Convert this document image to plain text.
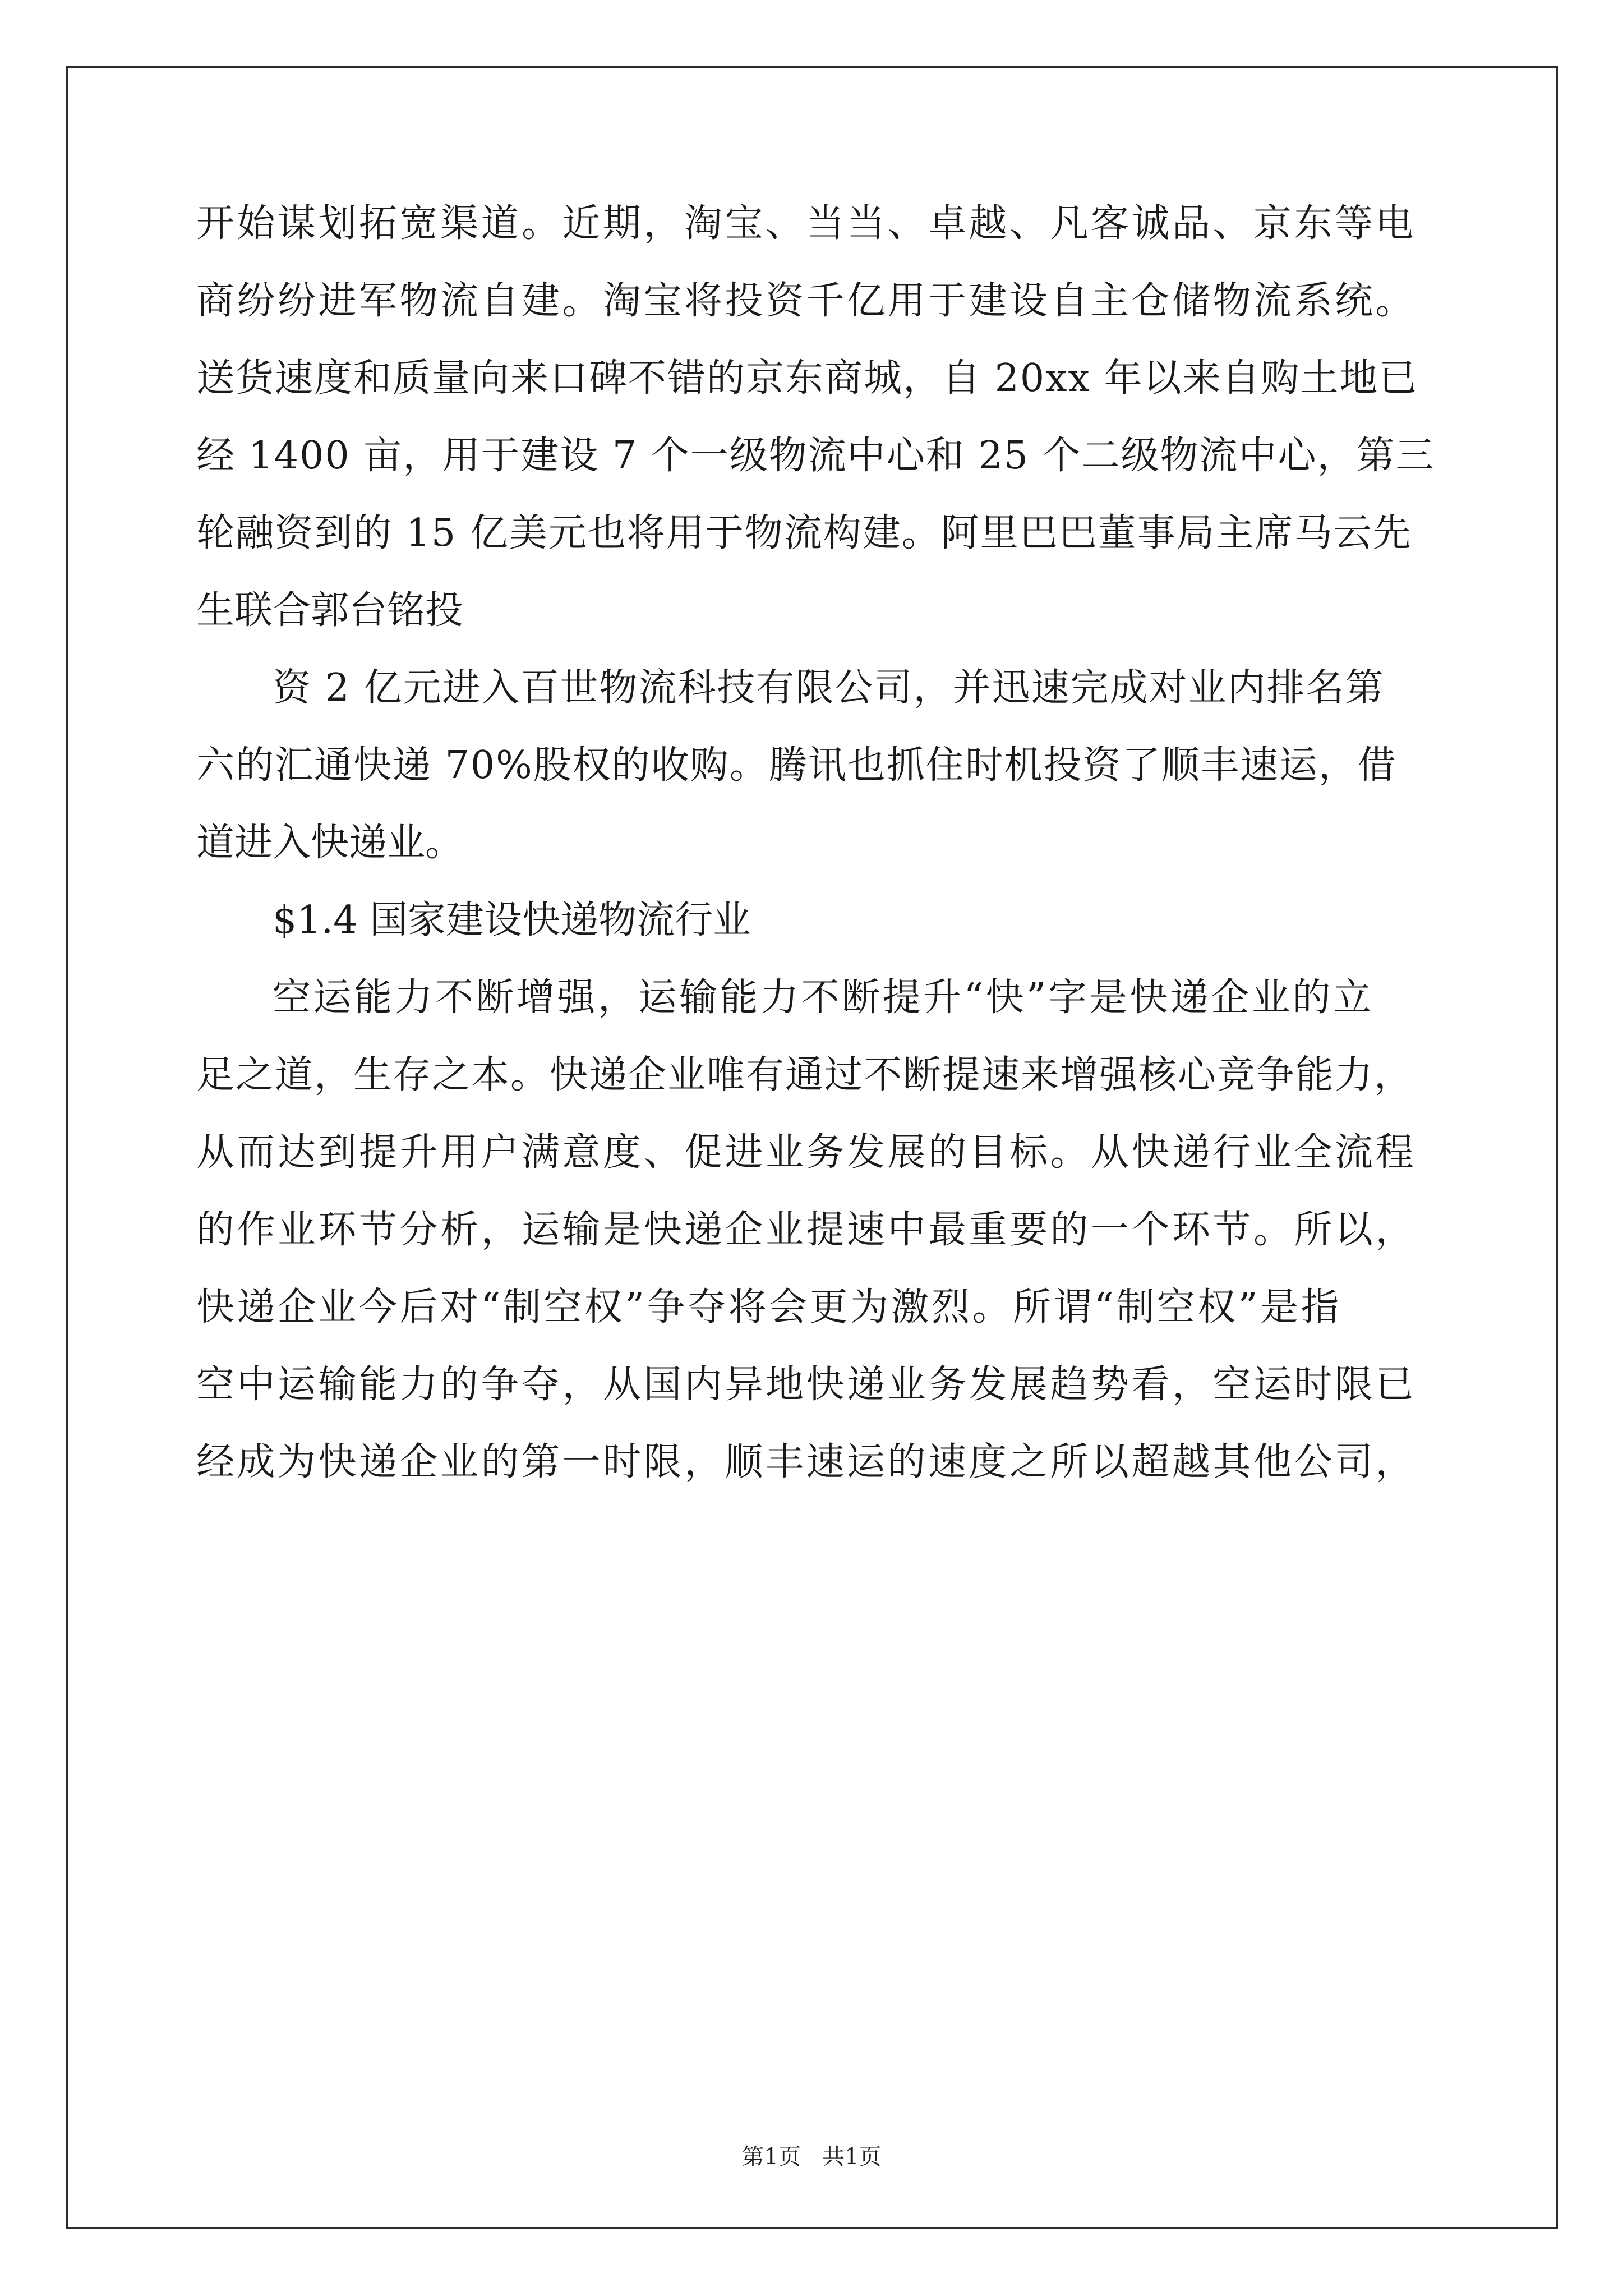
开始谋划拓宽渠道。近期，淘宝、当当、卓越、凡客诚品、京东等电
商纷纷进军物流自建。淘宝将投资千亿用于建设自主仓储物流系统。
送货速度和质量向来口碑不错的京东商城，自 20xx 年以来自购土地已
经 1400 亩，用于建设 7 个一级物流中心和 25 个二级物流中心，第三
轮融资到的 15 亿美元也将用于物流构建。阿里巴巴董事局主席马云先
生联合郭台铭投
资 2 亿元进入百世物流科技有限公司，并迅速完成对业内排名第
六的汇通快递 70%股权的收购。腾讯也抓住时机投资了顺丰速运，借
道进入快递业。
$1.4 国家建设快递物流行业
空运能力不断增强，运输能力不断提升“快”字是快递企业的立
足之道，生存之本。快递企业唯有通过不断提速来增强核心竞争能力，
从而达到提升用户满意度、促进业务发展的目标。从快递行业全流程
的作业环节分析，运输是快递企业提速中最重要的一个环节。所以，
快递企业今后对“制空权”争夺将会更为激烈。所谓“制空权”是指
空中运输能力的争夺，从国内异地快递业务发展趋势看，空运时限已
经成为快递企业的第一时限，顺丰速运的速度之所以超越其他公司，
第1页 共1页
